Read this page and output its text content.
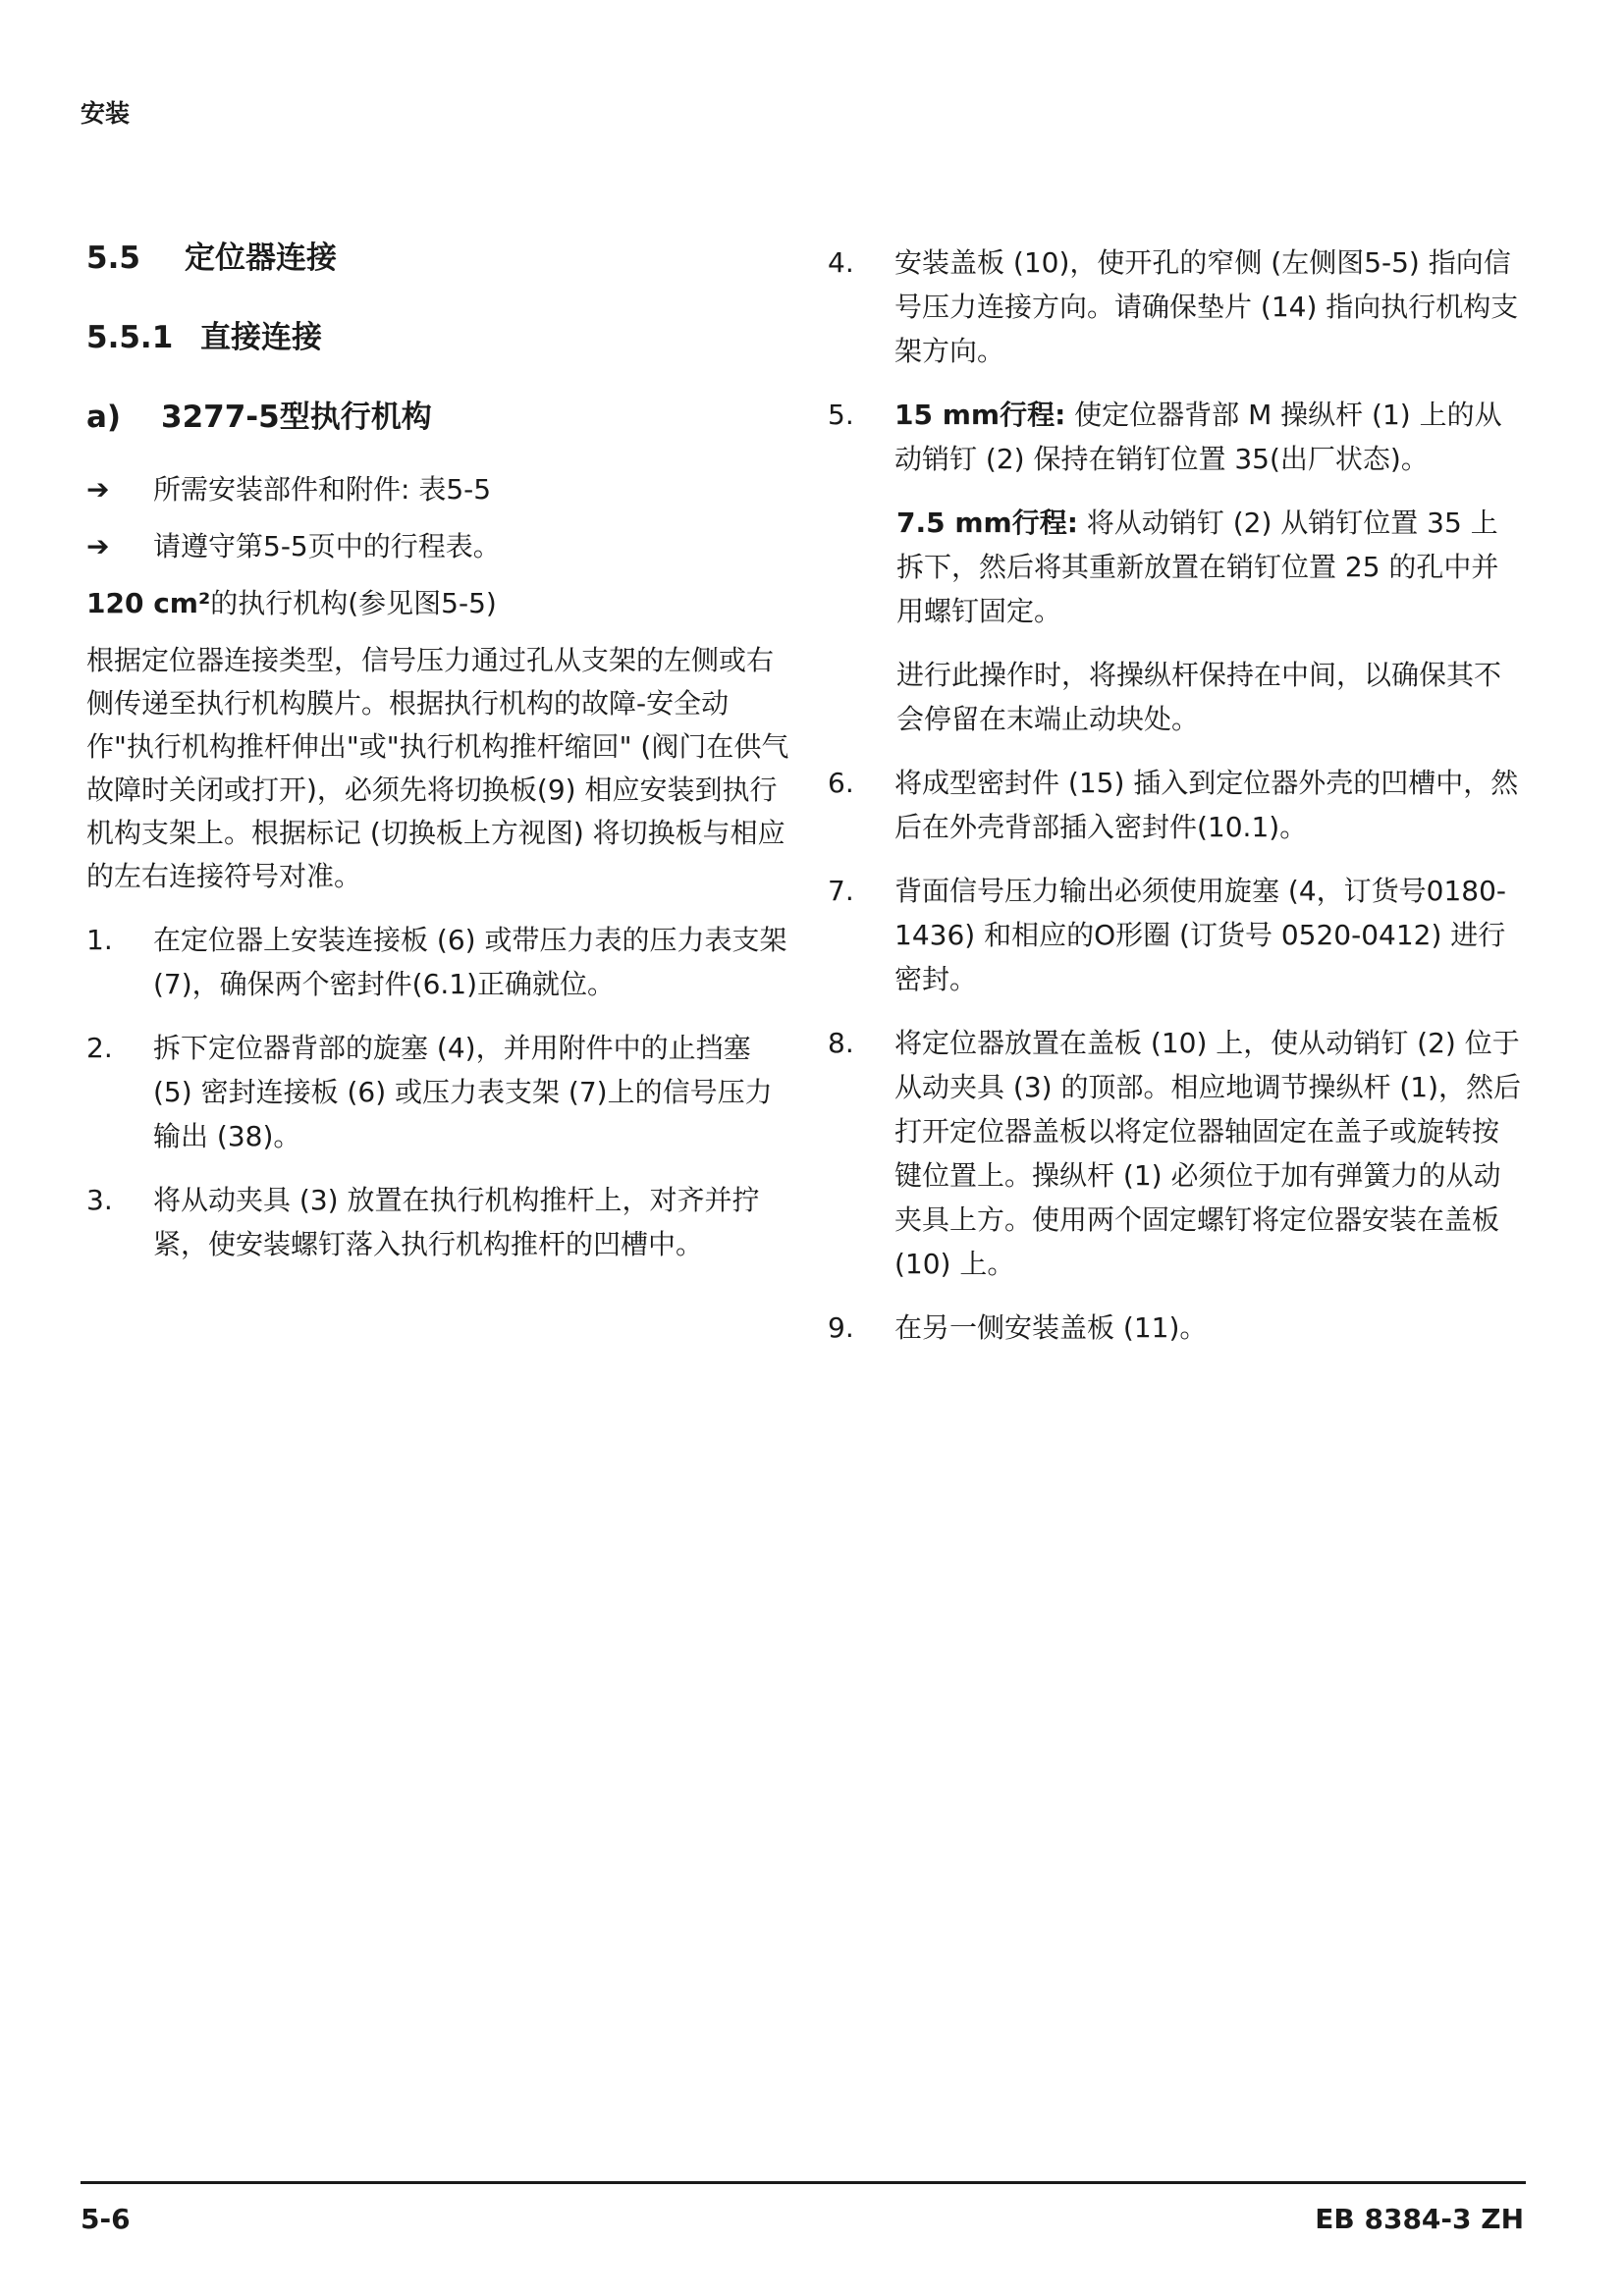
安装
5.5	定位器连接
5.5.1 直接连接
a)	3277-5型执行机构
➔	所需安装部件和附件: 表5-5
➔	请遵守第5-5页中的行程表。
120 cm²的执行机构(参见图5-5)
根据定位器连接类型，信号压力通过孔从支架的左侧或右侧传递至执行机构膜片。根据执行机构的故障-安全动作"执行机构推杆伸出"或"执行机构推杆缩回" (阀门在供气故障时关闭或打开)，必须先将切换板(9) 相应安装到执行机构支架上。根据标记 (切换板上方视图) 将切换板与相应的左右连接符号对准。
1.	在定位器上安装连接板 (6) 或带压力表的压力表支架 (7)，确保两个密封件(6.1)正确就位。
2.	拆下定位器背部的旋塞 (4)，并用附件中的止挡塞 (5) 密封连接板 (6) 或压力表支架 (7)上的信号压力输出 (38)。
3.	将从动夹具 (3) 放置在执行机构推杆上，对齐并拧紧，使安装螺钉落入执行机构推杆的凹槽中。
4.	安装盖板 (10)，使开孔的窄侧 (左侧图5-5) 指向信号压力连接方向。请确保垫片 (14) 指向执行机构支架方向。
5.	15 mm行程: 使定位器背部 M 操纵杆 (1) 上的从动销钉 (2) 保持在销钉位置 35(出厂状态)。
7.5 mm行程: 将从动销钉 (2) 从销钉位置 35 上拆下，然后将其重新放置在销钉位置 25 的孔中并用螺钉固定。
进行此操作时，将操纵杆保持在中间，以确保其不会停留在末端止动块处。
6.	将成型密封件 (15) 插入到定位器外壳的凹槽中，然后在外壳背部插入密封件(10.1)。
7.	背面信号压力输出必须使用旋塞 (4，订货号0180-1436) 和相应的O形圈 (订货号 0520-0412) 进行密封。
8.	将定位器放置在盖板 (10) 上，使从动销钉 (2) 位于从动夹具 (3) 的顶部。相应地调节操纵杆 (1)，然后打开定位器盖板以将定位器轴固定在盖子或旋转按键位置上。操纵杆 (1) 必须位于加有弹簧力的从动夹具上方。使用两个固定螺钉将定位器安装在盖板 (10) 上。
9.	在另一侧安装盖板 (11)。
5-6	EB 8384-3 ZH
